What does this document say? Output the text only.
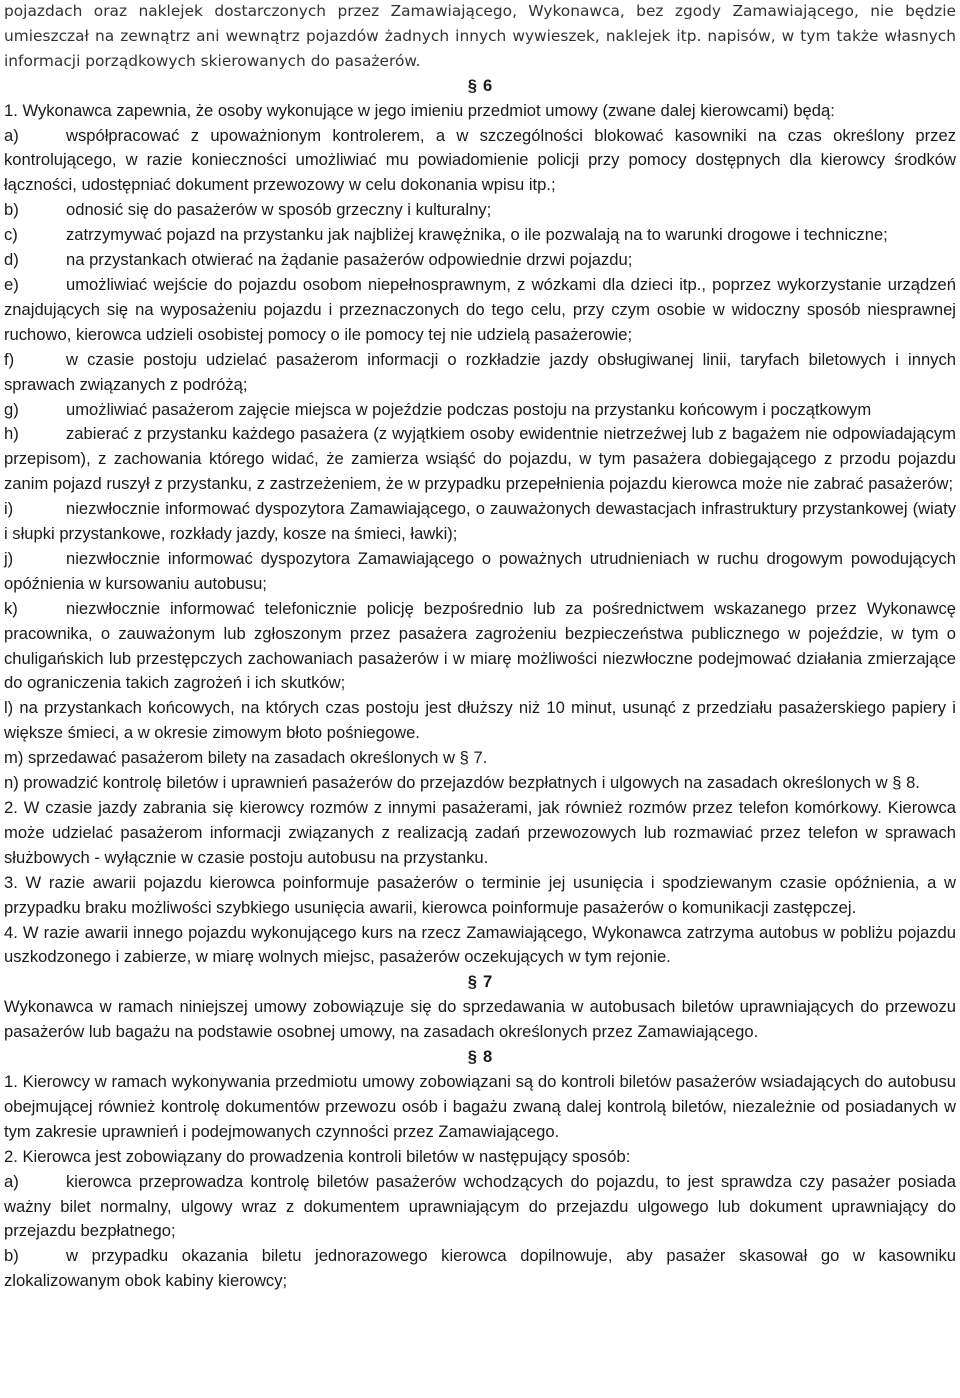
pojazdach oraz naklejek dostarczonych przez Zamawiającego, Wykonawca, bez zgody Zamawiającego, nie będzie umieszczał na zewnątrz ani wewnątrz pojazdów żadnych innych wywieszek, naklejek itp. napisów, w tym także własnych informacji porządkowych skierowanych do pasażerów.

§ 6

1. Wykonawca zapewnia, że osoby wykonujące w jego imieniu przedmiot umowy (zwane dalej kierowcami) będą:

a)	współpracować z upoważnionym kontrolerem, a w szczególności blokować kasowniki na czas określony przez kontrolującego, w razie konieczności umożliwiać mu powiadomienie policji przy pomocy dostępnych dla kierowcy środków łączności, udostępniać dokument przewozowy w celu dokonania wpisu itp.;

b)	odnosić się do pasażerów w sposób grzeczny i kulturalny;

c)	zatrzymywać pojazd na przystanku jak najbliżej krawężnika, o ile pozwalają na to warunki drogowe i techniczne;

d)	na przystankach otwierać na żądanie pasażerów odpowiednie drzwi pojazdu;

e)	umożliwiać wejście do pojazdu osobom niepełnosprawnym, z wózkami dla dzieci itp., poprzez wykorzystanie urządzeń znajdujących się na wyposażeniu pojazdu i przeznaczonych do tego celu, przy czym osobie w widoczny sposób niesprawnej ruchowo, kierowca udzieli osobistej pomocy o ile pomocy tej nie udzielą pasażerowie;

f)	w czasie postoju udzielać pasażerom informacji o rozkładzie jazdy obsługiwanej linii, taryfach biletowych i innych sprawach związanych z podróżą;

g)	umożliwiać pasażerom zajęcie miejsca w pojeździe podczas postoju na przystanku końcowym i początkowym

h)	zabierać z przystanku każdego pasażera (z wyjątkiem osoby ewidentnie nietrzeźwej lub z bagażem nie odpowiadającym przepisom), z zachowania którego widać, że zamierza wsiąść do pojazdu, w tym pasażera dobiegającego z przodu pojazdu zanim pojazd ruszył z przystanku, z zastrzeżeniem, że w przypadku przepełnienia pojazdu kierowca może nie zabrać pasażerów;

i)	niezwłocznie informować dyspozytora Zamawiającego, o zauważonych dewastacjach infrastruktury przystankowej (wiaty i słupki przystankowe, rozkłady jazdy, kosze na śmieci, ławki);

j)	niezwłocznie informować dyspozytora Zamawiającego o poważnych utrudnieniach w ruchu drogowym powodujących opóźnienia w kursowaniu autobusu;

k)	niezwłocznie informować telefonicznie policję bezpośrednio lub za pośrednictwem wskazanego przez Wykonawcę pracownika, o zauważonym lub zgłoszonym przez pasażera zagrożeniu bezpieczeństwa publicznego w pojeździe, w tym o chuligańskich lub przestępczych zachowaniach pasażerów i w miarę możliwości niezwłoczne podejmować działania zmierzające do ograniczenia takich zagrożeń i ich skutków;

l) na przystankach końcowych, na których czas postoju jest dłuższy niż 10 minut, usunąć z przedziału pasażerskiego papiery i większe śmieci, a w okresie zimowym błoto pośniegowe.

m) sprzedawać pasażerom bilety na zasadach określonych w § 7.

n) prowadzić kontrolę biletów i uprawnień pasażerów do przejazdów bezpłatnych i ulgowych na zasadach określonych w § 8.

2. W czasie jazdy zabrania się kierowcy rozmów z innymi pasażerami, jak również rozmów przez telefon komórkowy. Kierowca może udzielać pasażerom informacji związanych z realizacją zadań przewozowych lub rozmawiać przez telefon w sprawach służbowych - wyłącznie w czasie postoju autobusu na przystanku.

3. W razie awarii pojazdu kierowca poinformuje pasażerów o terminie jej usunięcia i spodziewanym czasie opóźnienia, a w przypadku braku możliwości szybkiego usunięcia awarii, kierowca poinformuje pasażerów o komunikacji zastępczej.

4. W razie awarii innego pojazdu wykonującego kurs na rzecz Zamawiającego, Wykonawca zatrzyma autobus w pobliżu pojazdu uszkodzonego i zabierze, w miarę wolnych miejsc, pasażerów oczekujących w tym rejonie.

§ 7

Wykonawca w ramach niniejszej umowy zobowiązuje się do sprzedawania w autobusach biletów uprawniających do przewozu pasażerów lub bagażu na podstawie osobnej umowy, na zasadach określonych przez Zamawiającego.

§ 8

1. Kierowcy w ramach wykonywania przedmiotu umowy zobowiązani są do kontroli biletów pasażerów wsiadających do autobusu obejmującej również kontrolę dokumentów przewozu osób i bagażu zwaną dalej kontrolą biletów, niezależnie od posiadanych w tym zakresie uprawnień i podejmowanych czynności przez Zamawiającego.

2. Kierowca jest zobowiązany do prowadzenia kontroli biletów w następujący sposób:

a)	kierowca przeprowadza kontrolę biletów pasażerów wchodzących do pojazdu, to jest sprawdza czy pasażer posiada ważny bilet normalny, ulgowy wraz z dokumentem uprawniającym do przejazdu ulgowego lub dokument uprawniający do przejazdu bezpłatnego;

b)	w przypadku okazania biletu jednorazowego kierowca dopilnowuje, aby pasażer skasował go w kasowniku zlokalizowanym obok kabiny kierowcy;
